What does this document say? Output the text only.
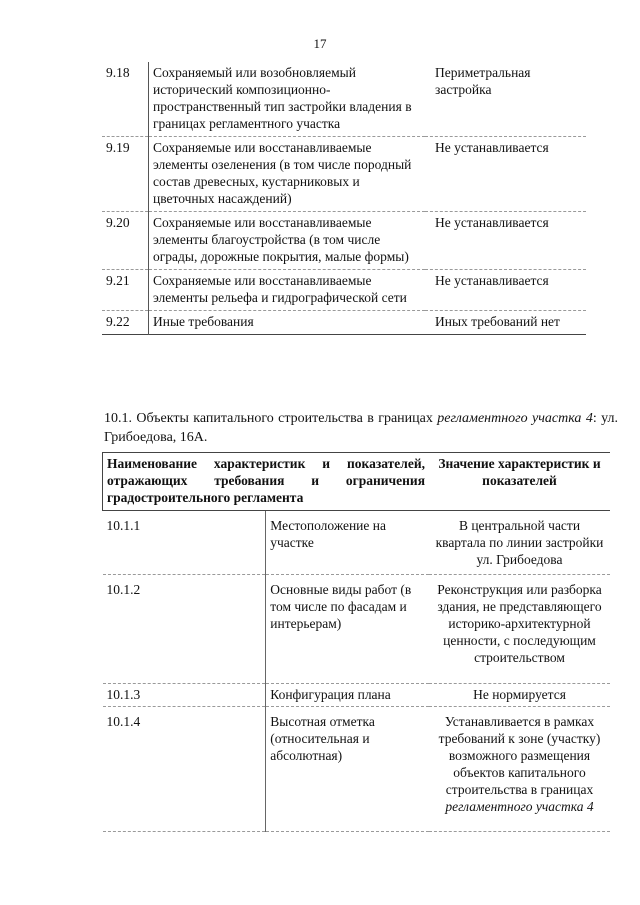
17
9.18	Сохраняемый или возобновляемый исторический композиционно-пространственный тип застройки владения в границах регламентного участка	Периметральная застройка
9.19	Сохраняемые или восстанавливаемые элементы озеленения (в том числе породный состав древесных, кустарниковых и цветочных насаждений)	Не устанавливается
9.20	Сохраняемые или восстанавливаемые элементы благоустройства (в том числе ограды, дорожные покрытия, малые формы)	Не устанавливается
9.21	Сохраняемые или восстанавливаемые элементы рельефа и гидрографической сети	Не устанавливается
9.22	Иные требования	Иных требований нет
10.1. Объекты капитального строительства в границах регламентного участка 4: ул. Грибоедова, 16А.
Наименование характеристик и показателей, отражающих требования и ограничения градостроительного регламента		Значение характеристик и показателей
10.1.1	Местоположение на участке	В центральной части квартала по линии застройки ул. Грибоедова
10.1.2	Основные виды работ (в том числе по фасадам и интерьерам)	Реконструкция или разборка здания, не представляющего историко-архитектурной ценности, с последующим строительством
10.1.3	Конфигурация плана	Не нормируется
10.1.4	Высотная отметка (относительная и абсолютная)	Устанавливается в рамках требований к зоне (участку) возможного размещения объектов капитального строительства в границах регламентного участка 4
